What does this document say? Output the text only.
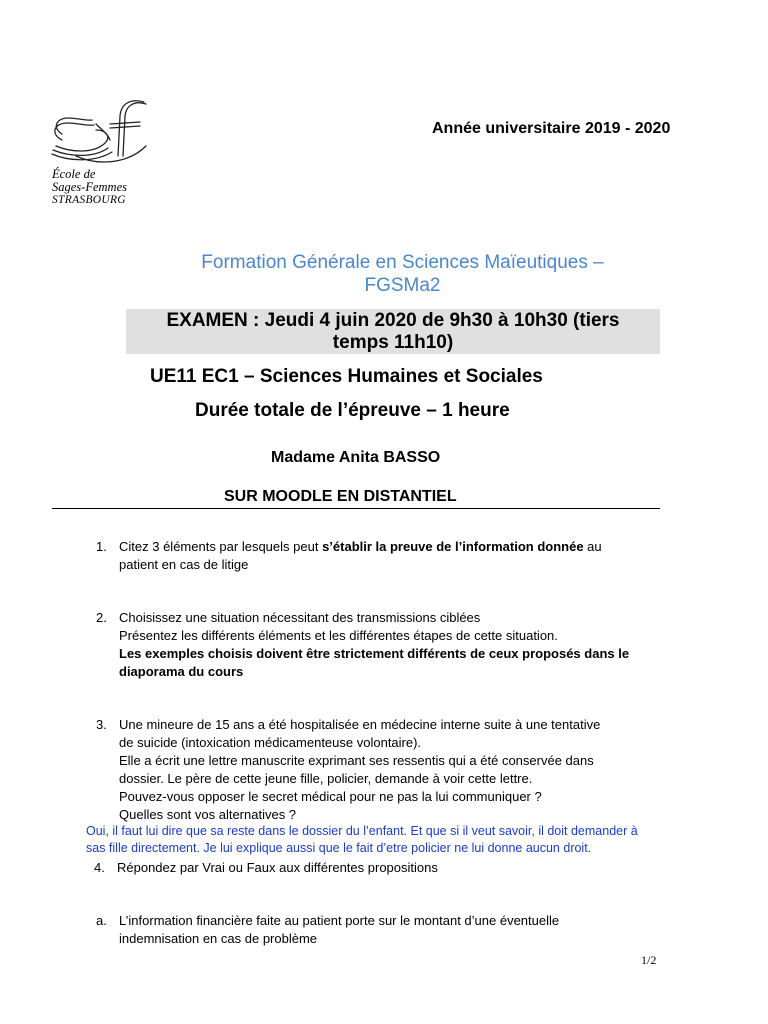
École de
Sages-Femmes
STRASBOURG
Année universitaire 2019 - 2020
Formation Générale en Sciences Maïeutiques –
FGSMa2
EXAMEN : Jeudi 4 juin 2020 de 9h30 à 10h30 (tiers
temps 11h10)
UE11 EC1 – Sciences Humaines et Sociales
Durée totale de l’épreuve – 1 heure
Madame Anita BASSO
SUR MOODLE EN DISTANTIEL
1. Citez 3 éléments par lesquels peut s’établir la preuve de l’information donnée au
patient en cas de litige
2. Choisissez une situation nécessitant des transmissions ciblées
Présentez les différents éléments et les différentes étapes de cette situation.
Les exemples choisis doivent être strictement différents de ceux proposés dans le
diaporama du cours
3. Une mineure de 15 ans a été hospitalisée en médecine interne suite à une tentative
de suicide (intoxication médicamenteuse volontaire).
Elle a écrit une lettre manuscrite exprimant ses ressentis qui a été conservée dans
dossier. Le père de cette jeune fille, policier, demande à voir cette lettre.
Pouvez-vous opposer le secret médical pour ne pas la lui communiquer ?
Quelles sont vos alternatives ?
Oui, il faut lui dire que sa reste dans le dossier du l’enfant. Et que si il veut savoir, il doit demander à
sas fille directement. Je lui explique aussi que le fait d’etre policier ne lui donne aucun droit.
4. Répondez par Vrai ou Faux aux différentes propositions
a. L’information financière faite au patient porte sur le montant d’une éventuelle
indemnisation en cas de problème
1/2
